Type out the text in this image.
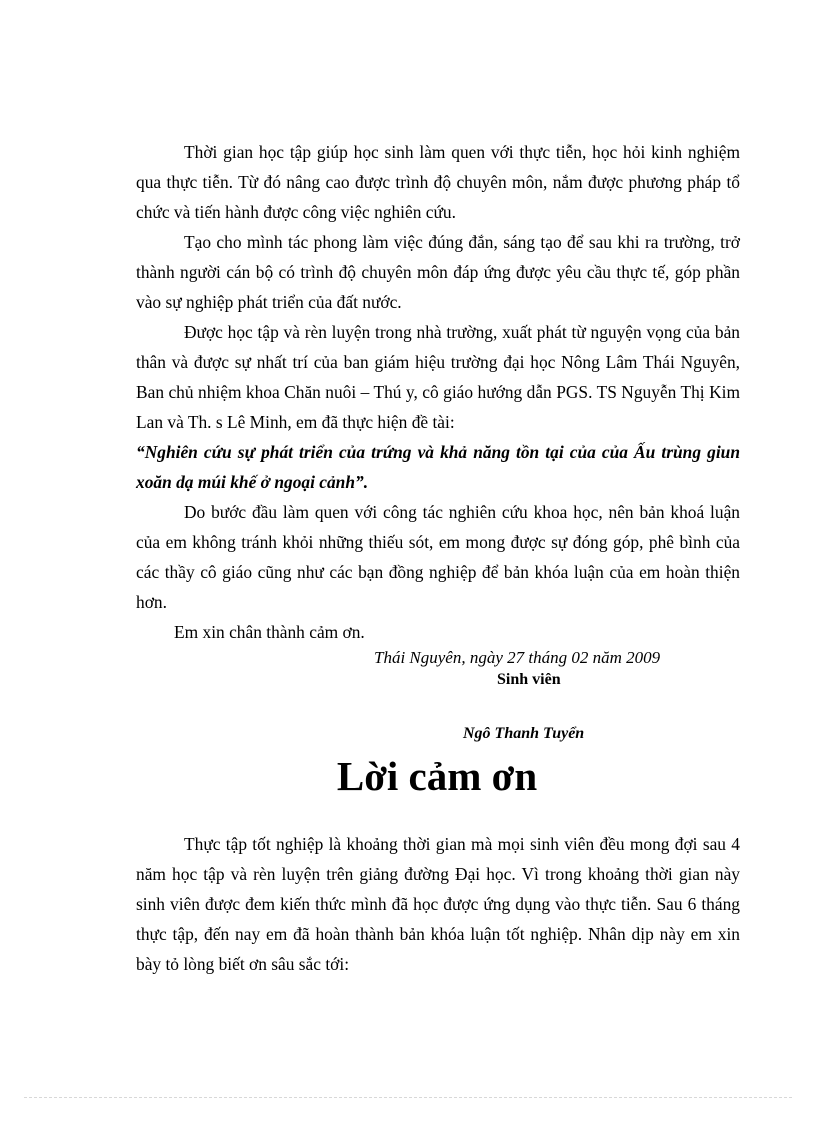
Thời gian học tập giúp học sinh làm quen với thực tiễn, học hỏi kinh nghiệm qua thực tiễn. Từ đó nâng cao được trình độ chuyên môn, nắm được phương pháp tổ chức và tiến hành được công việc nghiên cứu.

Tạo cho mình tác phong làm việc đúng đắn, sáng tạo để sau khi ra trường, trở thành người cán bộ có trình độ chuyên môn đáp ứng được yêu cầu thực tế, góp phần vào sự nghiệp phát triển của đất nước.

Được học tập và rèn luyện trong nhà trường, xuất phát từ nguyện vọng của bản thân và được sự nhất trí của ban giám hiệu trường đại học Nông Lâm Thái Nguyên, Ban chủ nhiệm khoa Chăn nuôi – Thú y, cô giáo hướng dẫn PGS. TS Nguyễn Thị Kim Lan và Th. s Lê Minh, em đã thực hiện đề tài:

“Nghiên cứu sự phát triển của trứng và khả năng tồn tại của của Ấu trùng giun xoăn dạ múi khế ở ngoại cảnh”.

Do bước đầu làm quen với công tác nghiên cứu khoa học, nên bản khoá luận của em không tránh khỏi những thiếu sót, em mong được sự đóng góp, phê bình của các thầy cô giáo cũng như các bạn đồng nghiệp để bản khóa luận của em hoàn thiện hơn.

Em xin chân thành cảm ơn.

Thái Nguyên, ngày 27 tháng 02 năm 2009
Sinh viên
Ngô Thanh Tuyển
Lời cảm ơn

Thực tập tốt nghiệp là khoảng thời gian mà mọi sinh viên đều mong đợi sau 4 năm học tập và rèn luyện trên giảng đường Đại học. Vì trong khoảng thời gian này sinh viên được đem kiến thức mình đã học được ứng dụng vào thực tiễn. Sau 6 tháng thực tập, đến nay em đã hoàn thành bản khóa luận tốt nghiệp. Nhân dịp này em xin bày tỏ lòng biết ơn sâu sắc tới:
